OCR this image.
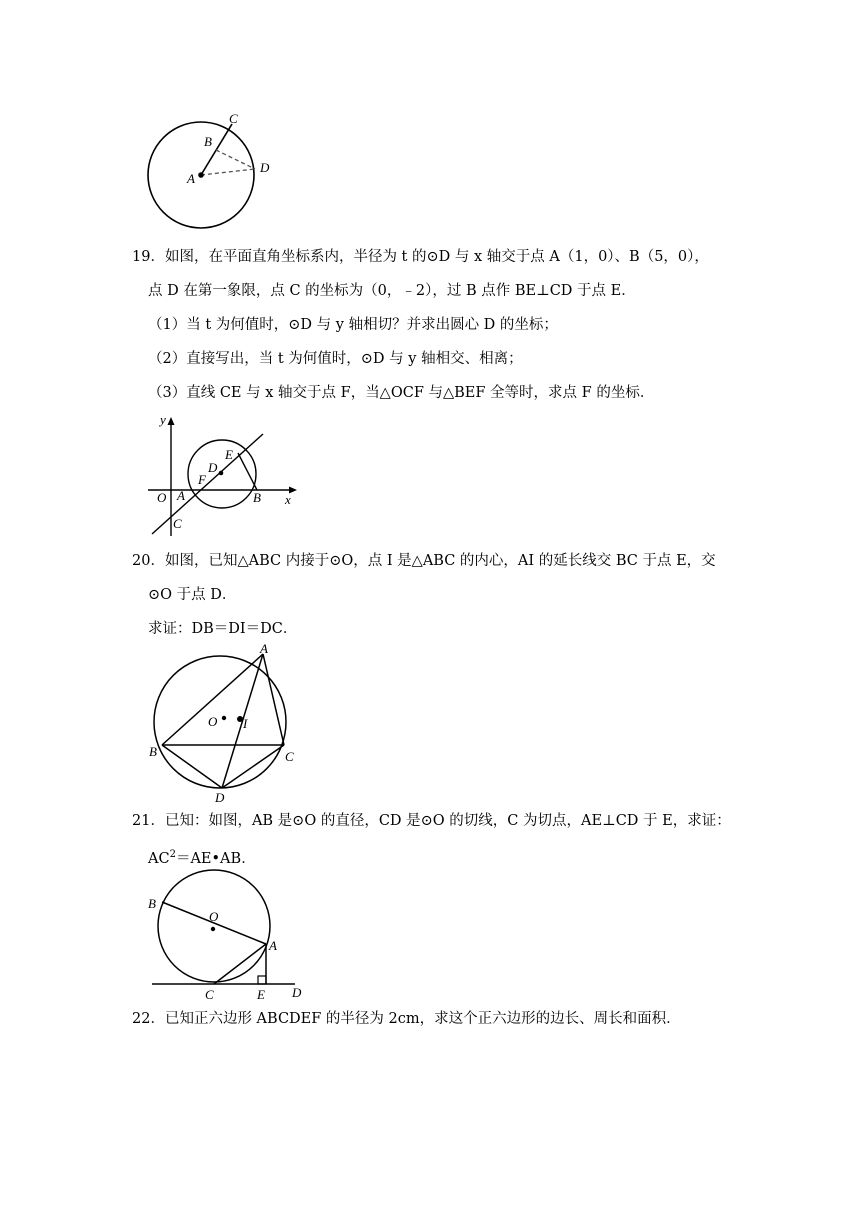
C
B
A
D
19．如图，在平面直角坐标系内，半径为 t 的⊙D 与 x 轴交于点 A（1，0）、B（5，0），
点 D 在第一象限，点 C 的坐标为（0，﹣2），过 B 点作 BE⊥CD 于点 E．
（1）当 t 为何值时，⊙D 与 y 轴相切？并求出圆心 D 的坐标；
（2）直接写出，当 t 为何值时，⊙D 与 y 轴相交、相离；
（3）直线 CE 与 x 轴交于点 F，当△OCF 与△BEF 全等时，求点 F 的坐标．
y
x
O A
F
D
E
B
C
20．如图，已知△ABC 内接于⊙O，点 I 是△ABC 的内心，AI 的延长线交 BC 于点 E，交
⊙O 于点 D．
求证：DB＝DI＝DC．
A
O I
B	C
D
21．已知：如图，AB 是⊙O 的直径，CD 是⊙O 的切线，C 为切点，AE⊥CD 于 E，求证：
$AC^2=AE•AB$．
B
O
A
C	E D
22．已知正六边形 ABCDEF 的半径为 2cm，求这个正六边形的边长、周长和面积．
